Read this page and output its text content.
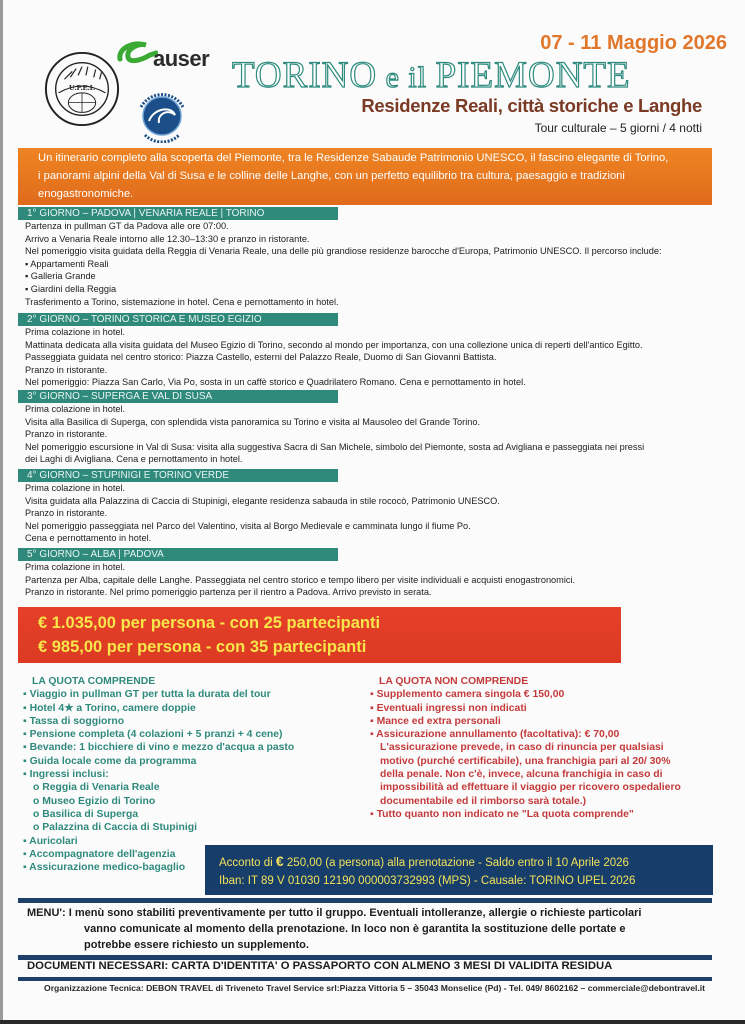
U.P.E.L
auser
07 - 11 Maggio 2026
TORINO e il PIEMONTE
Residenze Reali, città storiche e Langhe
Tour culturale – 5 giorni / 4 notti
Un itinerario completo alla scoperta del Piemonte, tra le Residenze Sabaude Patrimonio UNESCO, il fascino elegante di Torino,
i panorami alpini della Val di Susa e le colline delle Langhe, con un perfetto equilibrio tra cultura, paesaggio e tradizioni
enogastronomiche.
1° GIORNO – PADOVA | VENARIA REALE | TORINO
Partenza in pullman GT da Padova alle ore 07:00.
Arrivo a Venaria Reale intorno alle 12.30–13:30 e pranzo in ristorante.
Nel pomeriggio visita guidata della Reggia di Venaria Reale, una delle più grandiose residenze barocche d'Europa, Patrimonio UNESCO. Il percorso include:
▪ Appartamenti Reali
▪ Galleria Grande
▪ Giardini della Reggia
Trasferimento a Torino, sistemazione in hotel. Cena e pernottamento in hotel.
2° GIORNO – TORINO STORICA E MUSEO EGIZIO
Prima colazione in hotel.
Mattinata dedicata alla visita guidata del Museo Egizio di Torino, secondo al mondo per importanza, con una collezione unica di reperti dell'antico Egitto.
Passeggiata guidata nel centro storico: Piazza Castello, esterni del Palazzo Reale, Duomo di San Giovanni Battista.
Pranzo in ristorante.
Nel pomeriggio: Piazza San Carlo, Via Po, sosta in un caffè storico e Quadrilatero Romano. Cena e pernottamento in hotel.
3° GIORNO – SUPERGA E VAL DI SUSA
Prima colazione in hotel.
Visita alla Basilica di Superga, con splendida vista panoramica su Torino e visita al Mausoleo del Grande Torino.
Pranzo in ristorante.
Nel pomeriggio escursione in Val di Susa: visita alla suggestiva Sacra di San Michele, simbolo del Piemonte, sosta ad Avigliana e passeggiata nei pressi
dei Laghi di Avigliana. Cena e pernottamento in hotel.
4° GIORNO – STUPINIGI E TORINO VERDE
Prima colazione in hotel.
Visita guidata alla Palazzina di Caccia di Stupinigi, elegante residenza sabauda in stile rococò, Patrimonio UNESCO.
Pranzo in ristorante.
Nel pomeriggio passeggiata nel Parco del Valentino, visita al Borgo Medievale e camminata lungo il fiume Po.
Cena e pernottamento in hotel.
5° GIORNO – ALBA | PADOVA
Prima colazione in hotel.
Partenza per Alba, capitale delle Langhe. Passeggiata nel centro storico e tempo libero per visite individuali e acquisti enogastronomici.
Pranzo in ristorante. Nel primo pomeriggio partenza per il rientro a Padova. Arrivo previsto in serata.
€ 1.035,00 per persona - con 25 partecipanti
€ 985,00 per persona - con 35 partecipanti
LA QUOTA COMPRENDE
▪ Viaggio in pullman GT per tutta la durata del tour
▪ Hotel 4★ a Torino, camere doppie
▪ Tassa di soggiorno
▪ Pensione completa (4 colazioni + 5 pranzi + 4 cene)
▪ Bevande: 1 bicchiere di vino e mezzo d'acqua a pasto
▪ Guida locale come da programma
▪ Ingressi inclusi:
o Reggia di Venaria Reale
o Museo Egizio di Torino
o Basilica di Superga
o Palazzina di Caccia di Stupinigi
▪ Auricolari
▪ Accompagnatore dell'agenzia
▪ Assicurazione medico-bagaglio
LA QUOTA NON COMPRENDE
▪ Supplemento camera singola € 150,00
▪ Eventuali ingressi non indicati
▪ Mance ed extra personali
▪ Assicurazione annullamento (facoltativa): € 70,00
L'assicurazione prevede, in caso di rinuncia per qualsiasi
motivo (purché certificabile), una franchigia pari al 20/ 30%
della penale. Non c'è, invece, alcuna franchigia in caso di
impossibilità ad effettuare il viaggio per ricovero ospedaliero
documentabile ed il rimborso sarà totale.)
▪ Tutto quanto non indicato ne "La quota comprende"
Acconto di € 250,00 (a persona) alla prenotazione - Saldo entro il 10 Aprile 2026
Iban: IT 89 V 01030 12190 000003732993 (MPS) - Causale: TORINO UPEL 2026
MENU': I menù sono stabiliti preventivamente per tutto il gruppo. Eventuali intolleranze, allergie o richieste particolari
vanno comunicate al momento della prenotazione. In loco non è garantita la sostituzione delle portate e
potrebbe essere richiesto un supplemento.
DOCUMENTI NECESSARI: CARTA D'IDENTITA' O PASSAPORTO CON ALMENO 3 MESI DI VALIDITA RESIDUA
Organizzazione Tecnica: DEBON TRAVEL di Triveneto Travel Service srl:Piazza Vittoria 5 – 35043 Monselice (Pd) - Tel. 049/ 8602162 – commerciale@debontravel.it
